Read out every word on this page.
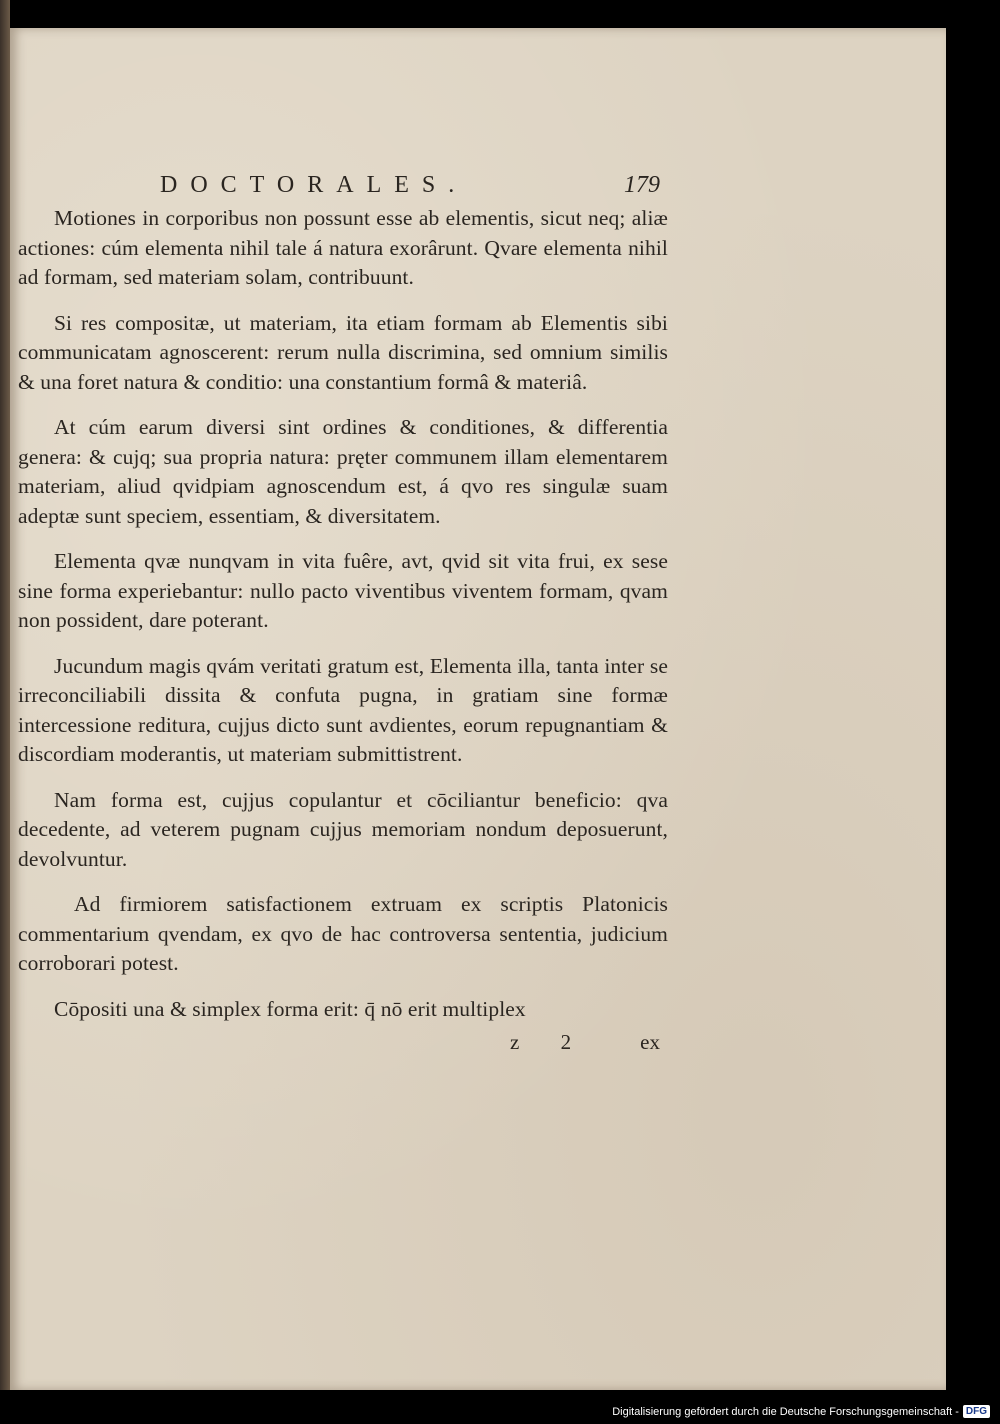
DOCTORALES.	179

Motiones in corporibus non possunt esse ab elementis, sicut neq; aliæ actiones: cúm elementa nihil tale á natura exorârunt. Qvare elementa nihil ad formam, sed materiam solam, contribuunt.

Si res compositæ, ut materiam, ita etiam formam ab Elementis sibi communicatam agnoscerent: rerum nulla discrimina, sed omnium similis & una foret natura & conditio: una constantium formâ & materiâ.

At cúm earum diversi sint ordines & conditiones, & differentia genera: & cujq; sua propria natura: pręter communem illam elementarem materiam, aliud qvidpiam agnoscendum est, á qvo res singulæ suam adeptæ sunt speciem, essentiam, & diversitatem.

Elementa qvæ nunqvam in vita fuêre, avt, qvid sit vita frui, ex sese sine forma experiebantur: nullo pacto viventibus viventem formam, qvam non possident, dare poterant.

Jucundum magis qvám veritati gratum est, Elementa illa, tanta inter se irreconciliabili dissita & confuta pugna, in gratiam sine formæ intercessione reditura, cujjus dicto sunt avdientes, eorum repugnantiam & discordiam moderantis, ut materiam submittistrent.

Nam forma est, cujjus copulantur et cōciliantur beneficio: qva decedente, ad veterem pugnam cujjus memoriam nondum deposuerunt, devolvuntur.

Ad firmiorem satisfactionem extruam ex scriptis Platonicis commentarium qvendam, ex qvo de hac controversa sententia, judicium corroborari potest.

Cōpositi una & simplex forma erit: q̄ nō erit multiplex

z 2 ex
Digitalisierung gefördert durch die Deutsche Forschungsgemeinschaft - DFG
